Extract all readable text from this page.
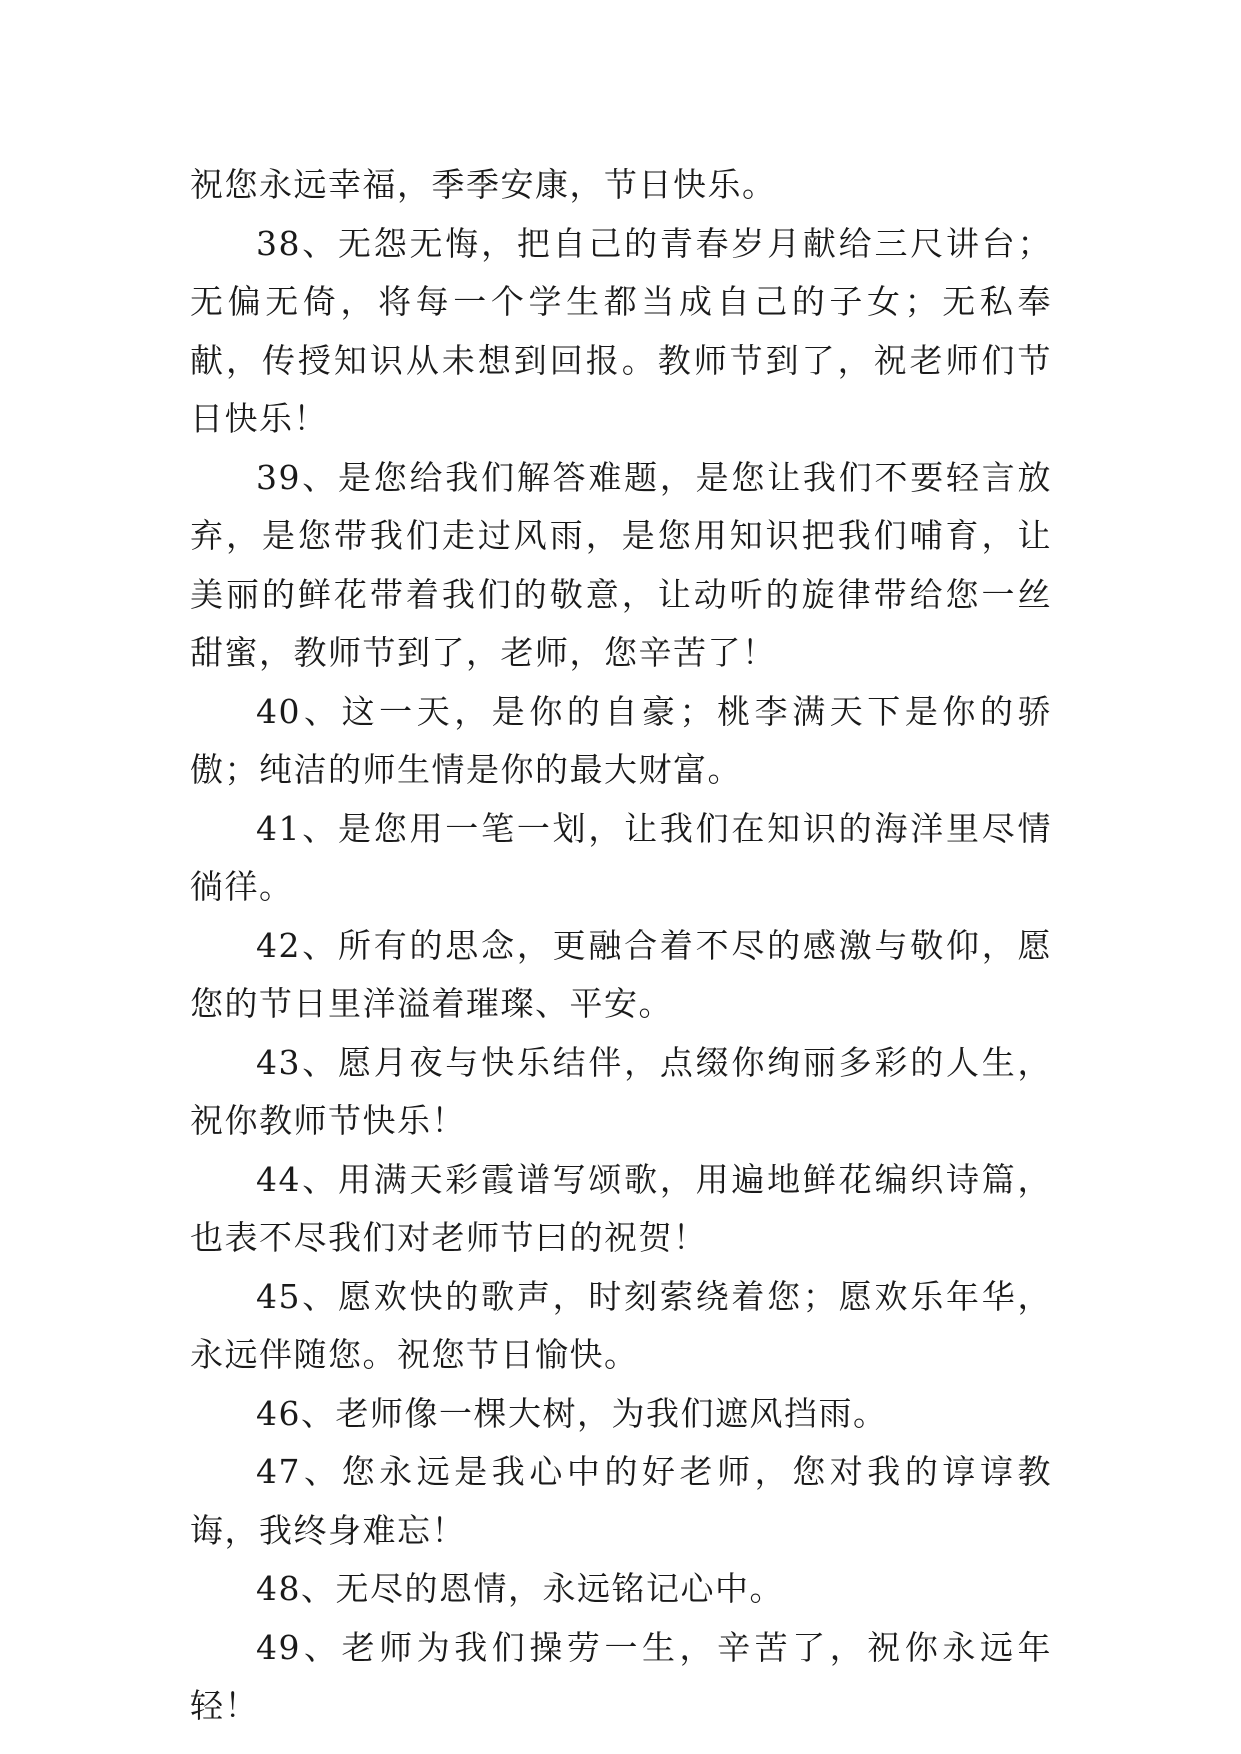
祝您永远幸福，季季安康，节日快乐。

38、无怨无悔，把自己的青春岁月献给三尺讲台；无偏无倚，将每一个学生都当成自己的子女；无私奉献，传授知识从未想到回报。教师节到了，祝老师们节日快乐！

39、是您给我们解答难题，是您让我们不要轻言放弃，是您带我们走过风雨，是您用知识把我们哺育，让美丽的鲜花带着我们的敬意，让动听的旋律带给您一丝甜蜜，教师节到了，老师，您辛苦了！

40、这一天，是你的自豪；桃李满天下是你的骄傲；纯洁的师生情是你的最大财富。

41、是您用一笔一划，让我们在知识的海洋里尽情徜徉。

42、所有的思念，更融合着不尽的感激与敬仰，愿您的节日里洋溢着璀璨、平安。

43、愿月夜与快乐结伴，点缀你绚丽多彩的人生，祝你教师节快乐！

44、用满天彩霞谱写颂歌，用遍地鲜花编织诗篇，也表不尽我们对老师节曰的祝贺！

45、愿欢快的歌声，时刻萦绕着您；愿欢乐年华，永远伴随您。祝您节日愉快。

46、老师像一棵大树，为我们遮风挡雨。

47、您永远是我心中的好老师，您对我的谆谆教诲，我终身难忘！

48、无尽的恩情，永远铭记心中。

49、老师为我们操劳一生，辛苦了，祝你永远年轻！
